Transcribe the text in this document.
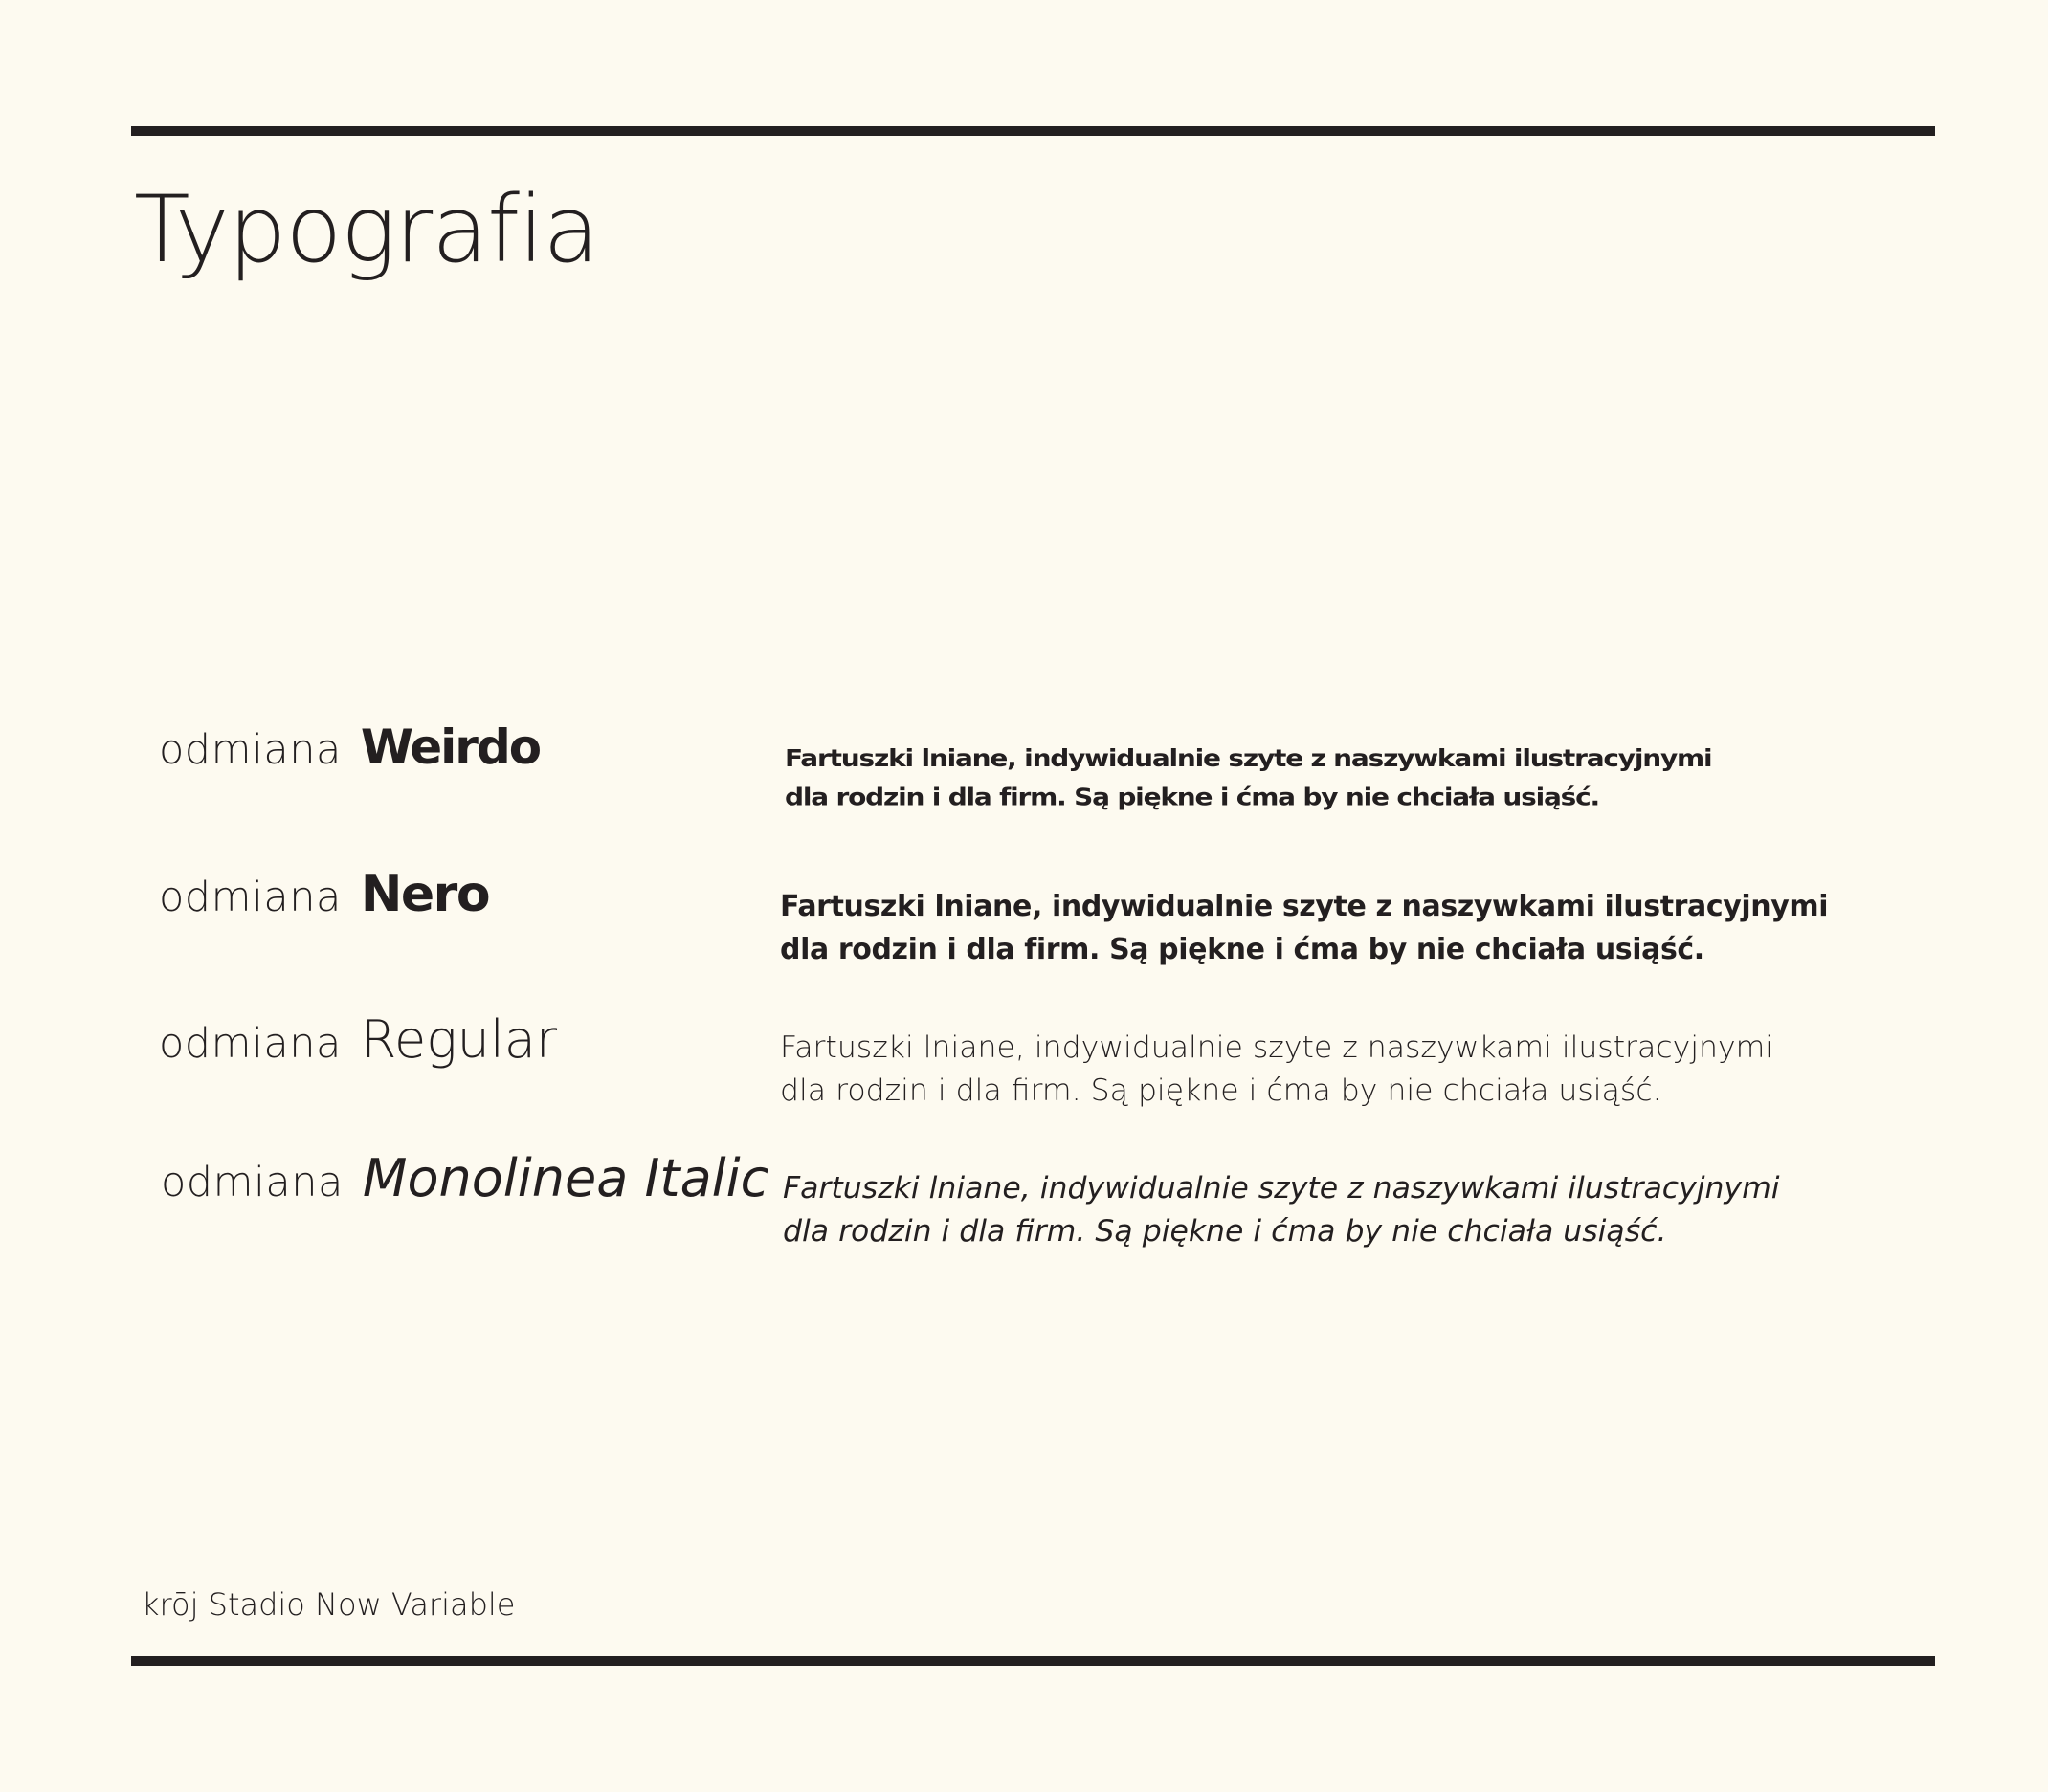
Typografia
odmiana Weirdo	Fartuszki lniane, indywidualnie szyte z naszywkami ilustracyjnymi
dla rodzin i dla firm. Są piękne i ćma by nie chciała usiąść.
odmiana Nero	Fartuszki lniane, indywidualnie szyte z naszywkami ilustracyjnymi
dla rodzin i dla firm. Są piękne i ćma by nie chciała usiąść.
odmiana Regular	Fartuszki lniane, indywidualnie szyte z naszywkami ilustracyjnymi
dla rodzin i dla firm. Są piękne i ćma by nie chciała usiąść.
odmiana Monolinea Italic Fartuszki lniane, indywidualnie szyte z naszywkami ilustracyjnymi
dla rodzin i dla firm. Są piękne i ćma by nie chciała usiąść.
krōj Stadio Now Variable
